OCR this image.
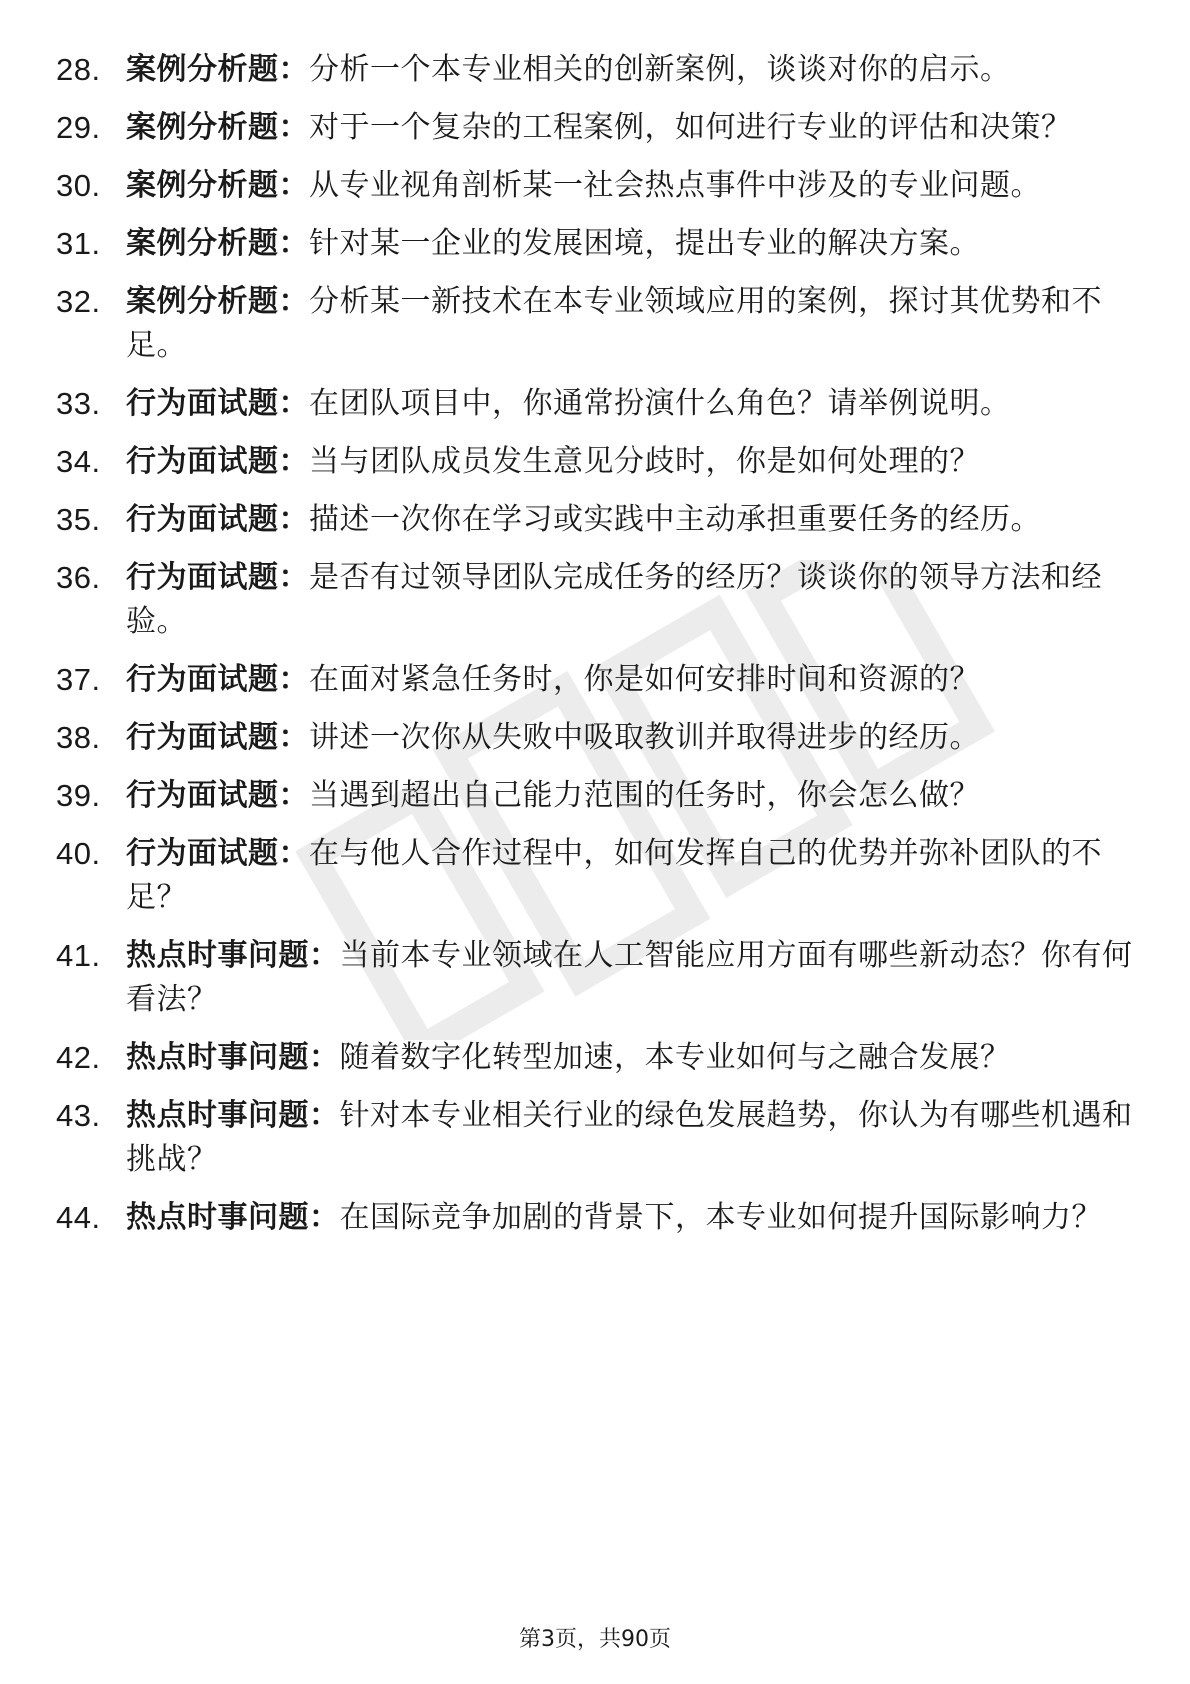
28. 案例分析题：分析一个本专业相关的创新案例，谈谈对你的启示。
29. 案例分析题：对于一个复杂的工程案例，如何进行专业的评估和决策？
30. 案例分析题：从专业视角剖析某一社会热点事件中涉及的专业问题。
31. 案例分析题：针对某一企业的发展困境，提出专业的解决方案。
32. 案例分析题：分析某一新技术在本专业领域应用的案例，探讨其优势和不足。
33. 行为面试题：在团队项目中，你通常扮演什么角色？请举例说明。
34. 行为面试题：当与团队成员发生意见分歧时，你是如何处理的？
35. 行为面试题：描述一次你在学习或实践中主动承担重要任务的经历。
36. 行为面试题：是否有过领导团队完成任务的经历？谈谈你的领导方法和经验。
37. 行为面试题：在面对紧急任务时，你是如何安排时间和资源的？
38. 行为面试题：讲述一次你从失败中吸取教训并取得进步的经历。
39. 行为面试题：当遇到超出自己能力范围的任务时，你会怎么做？
40. 行为面试题：在与他人合作过程中，如何发挥自己的优势并弥补团队的不足？
41. 热点时事问题：当前本专业领域在人工智能应用方面有哪些新动态？你有何看法？
42. 热点时事问题：随着数字化转型加速，本专业如何与之融合发展？
43. 热点时事问题：针对本专业相关行业的绿色发展趋势，你认为有哪些机遇和挑战？
44. 热点时事问题：在国际竞争加剧的背景下，本专业如何提升国际影响力？
第3页，共90页
